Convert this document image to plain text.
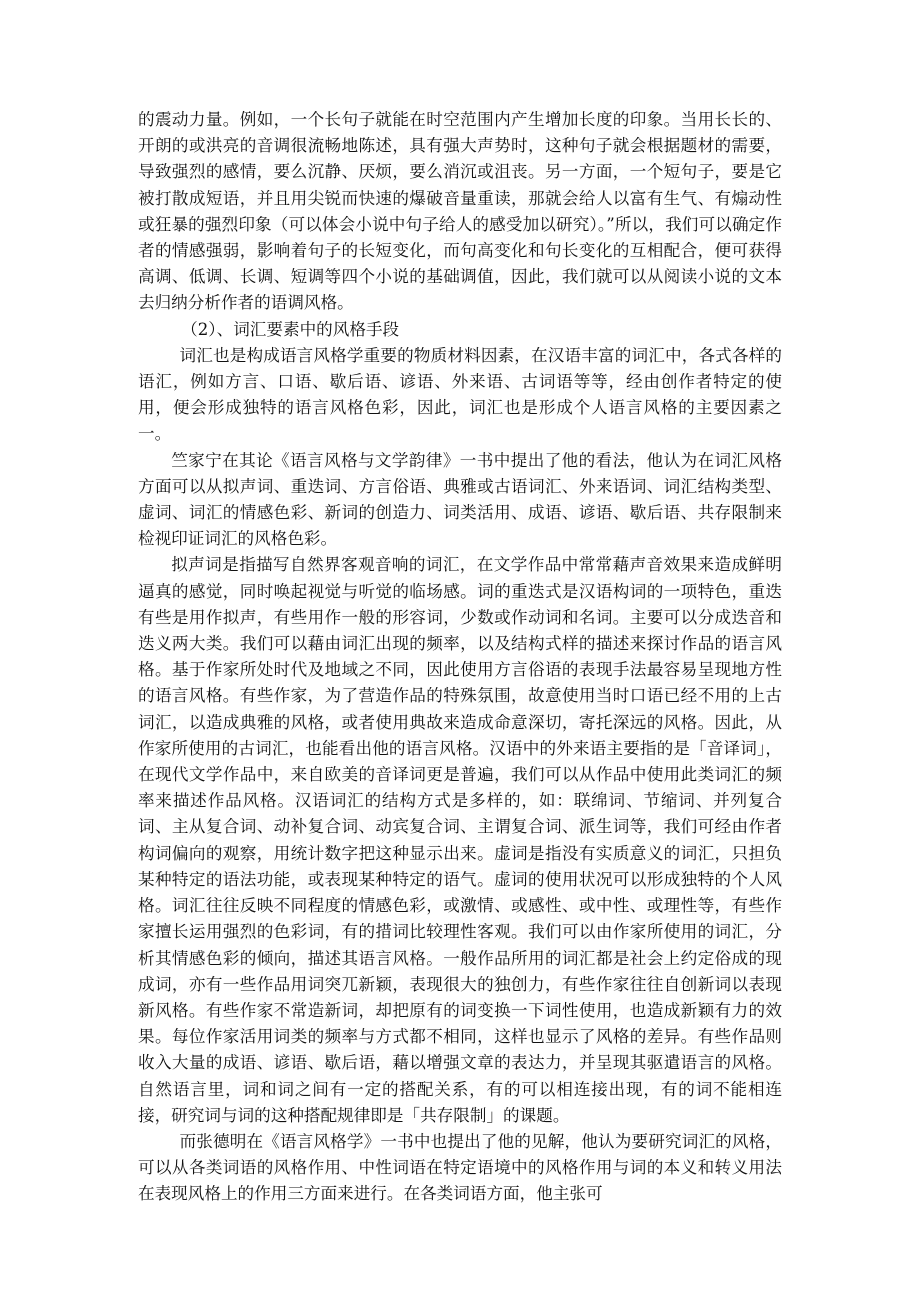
的震动力量。例如，一个长句子就能在时空范围内产生增加长度的印象。当用长长的、开朗的或洪亮的音调很流畅地陈述，具有强大声势时，这种句子就会根据题材的需要，导致强烈的感情，要么沉静、厌烦，要么消沉或沮丧。另一方面，一个短句子，要是它被打散成短语，并且用尖锐而快速的爆破音量重读，那就会给人以富有生气、有煽动性或狂暴的强烈印象（可以体会小说中句子给人的感受加以研究）。”所以，我们可以确定作者的情感强弱，影响着句子的长短变化，而句高变化和句长变化的互相配合，便可获得高调、低调、长调、短调等四个小说的基础调值，因此，我们就可以从阅读小说的文本去归纳分析作者的语调风格。

（2）、词汇要素中的风格手段

词汇也是构成语言风格学重要的物质材料因素，在汉语丰富的词汇中，各式各样的语汇，例如方言、口语、歇后语、谚语、外来语、古词语等等，经由创作者特定的使用，便会形成独特的语言风格色彩，因此，词汇也是形成个人语言风格的主要因素之一。

竺家宁在其论《语言风格与文学韵律》一书中提出了他的看法，他认为在词汇风格方面可以从拟声词、重迭词、方言俗语、典雅或古语词汇、外来语词、词汇结构类型、虚词、词汇的情感色彩、新词的创造力、词类活用、成语、谚语、歇后语、共存限制来检视印证词汇的风格色彩。

拟声词是指描写自然界客观音响的词汇，在文学作品中常常藉声音效果来造成鲜明逼真的感觉，同时唤起视觉与听觉的临场感。词的重迭式是汉语构词的一项特色，重迭有些是用作拟声，有些用作一般的形容词，少数或作动词和名词。主要可以分成迭音和迭义两大类。我们可以藉由词汇出现的频率，以及结构式样的描述来探讨作品的语言风格。基于作家所处时代及地域之不同，因此使用方言俗语的表现手法最容易呈现地方性的语言风格。有些作家，为了营造作品的特殊氛围，故意使用当时口语已经不用的上古词汇，以造成典雅的风格，或者使用典故来造成命意深切，寄托深远的风格。因此，从作家所使用的古词汇，也能看出他的语言风格。汉语中的外来语主要指的是「音译词」，在现代文学作品中，来自欧美的音译词更是普遍，我们可以从作品中使用此类词汇的频率来描述作品风格。汉语词汇的结构方式是多样的，如：联绵词、节缩词、并列复合词、主从复合词、动补复合词、动宾复合词、主谓复合词、派生词等，我们可经由作者构词偏向的观察，用统计数字把这种显示出来。虚词是指没有实质意义的词汇，只担负某种特定的语法功能，或表现某种特定的语气。虚词的使用状况可以形成独特的个人风格。词汇往往反映不同程度的情感色彩，或激情、或感性、或中性、或理性等，有些作家擅长运用强烈的色彩词，有的措词比较理性客观。我们可以由作家所使用的词汇，分析其情感色彩的倾向，描述其语言风格。一般作品所用的词汇都是社会上约定俗成的现成词，亦有一些作品用词突兀新颖，表现很大的独创力，有些作家往往自创新词以表现新风格。有些作家不常造新词，却把原有的词变换一下词性使用，也造成新颖有力的效果。每位作家活用词类的频率与方式都不相同，这样也显示了风格的差异。有些作品则收入大量的成语、谚语、歇后语，藉以增强文章的表达力，并呈现其驱遣语言的风格。自然语言里，词和词之间有一定的搭配关系，有的可以相连接出现，有的词不能相连接，研究词与词的这种搭配规律即是「共存限制」的课题。

而张德明在《语言风格学》一书中也提出了他的见解，他认为要研究词汇的风格，可以从各类词语的风格作用、中性词语在特定语境中的风格作用与词的本义和转义用法在表现风格上的作用三方面来进行。在各类词语方面，他主张可
